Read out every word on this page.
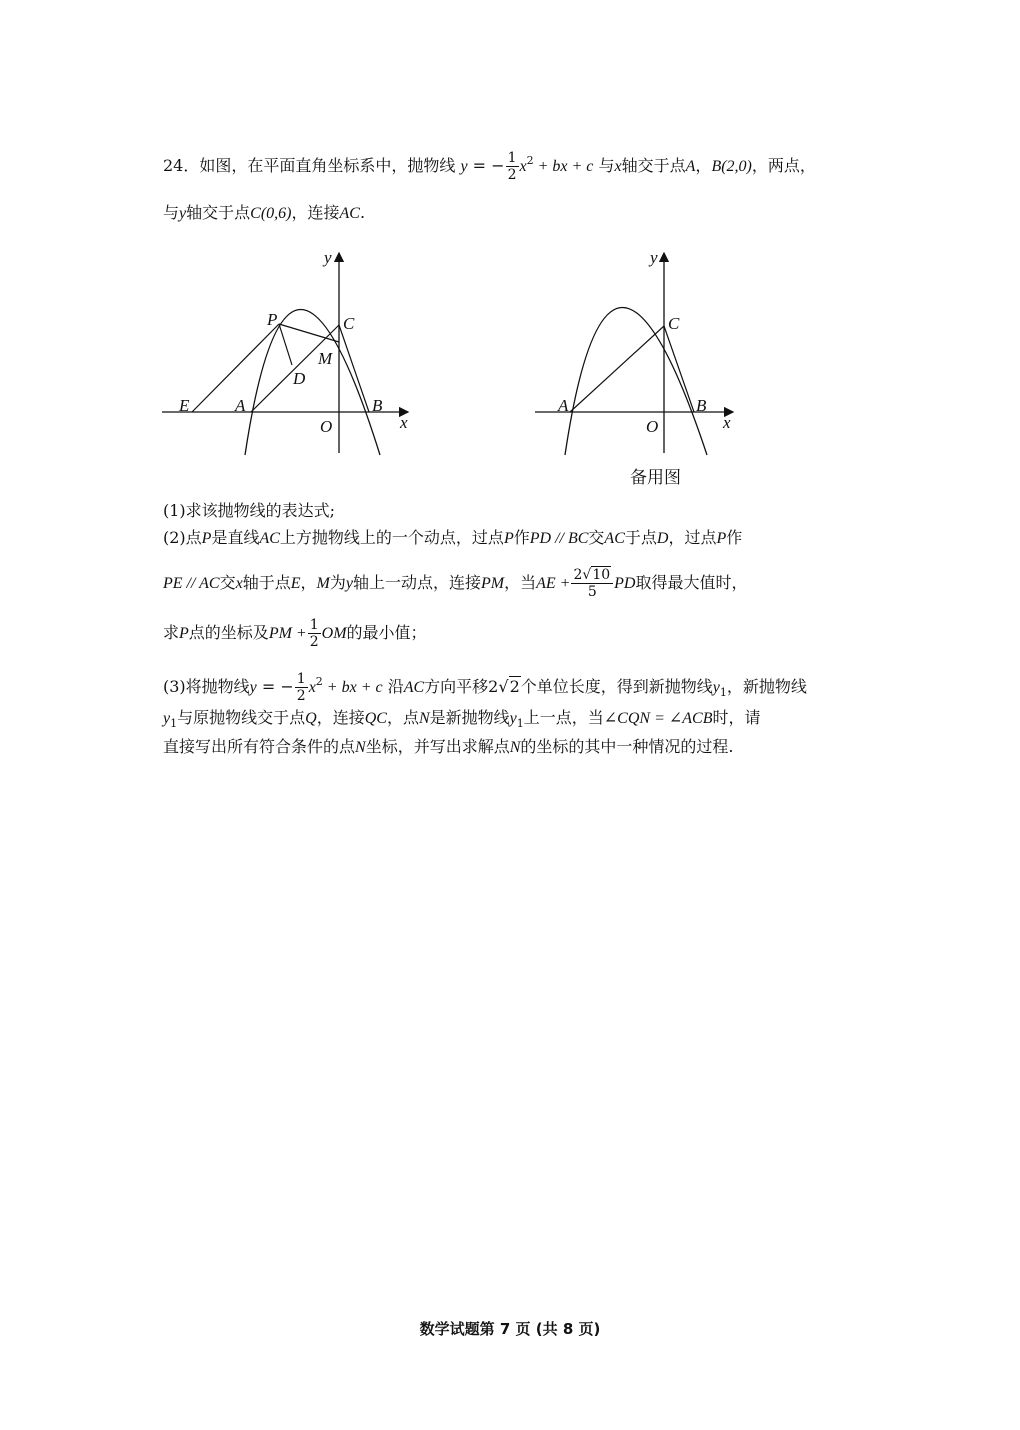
24．如图，在平面直角坐标系中，抛物线 y = − $\frac{1}{2} x^2$ + bx + c 与x轴交于点A，B(2,0)，两点，
与y轴交于点C(0,6)，连接AC.
y
x
O
P	C
M
D
E	A	B
y
x
O
C
A	B
备用图
(1)求该抛物线的表达式;
(2)点P是直线AC上方抛物线上的一个动点，过点P作PD // BC交AC于点D，过点P作
PE // AC交x轴于点E，M为y轴上一动点，连接PM，当AE + $\frac{2√10}{5}$ PD取得最大值时，
求P点的坐标及PM + $\frac{1}{2}$ OM的最小值；
(3)将抛物线y = − $\frac{1}{2} x^2$ + bx + c 沿AC方向平移2√2个单位长度，得到新抛物线$y_1$，新抛物线
$y_1$与原抛物线交于点Q，连接QC，点N是新抛物线$y_1$上一点，当∠CQN = ∠ACB时，请
直接写出所有符合条件的点N坐标，并写出求解点N的坐标的其中一种情况的过程.
数学试题第 7 页 (共 8 页)
